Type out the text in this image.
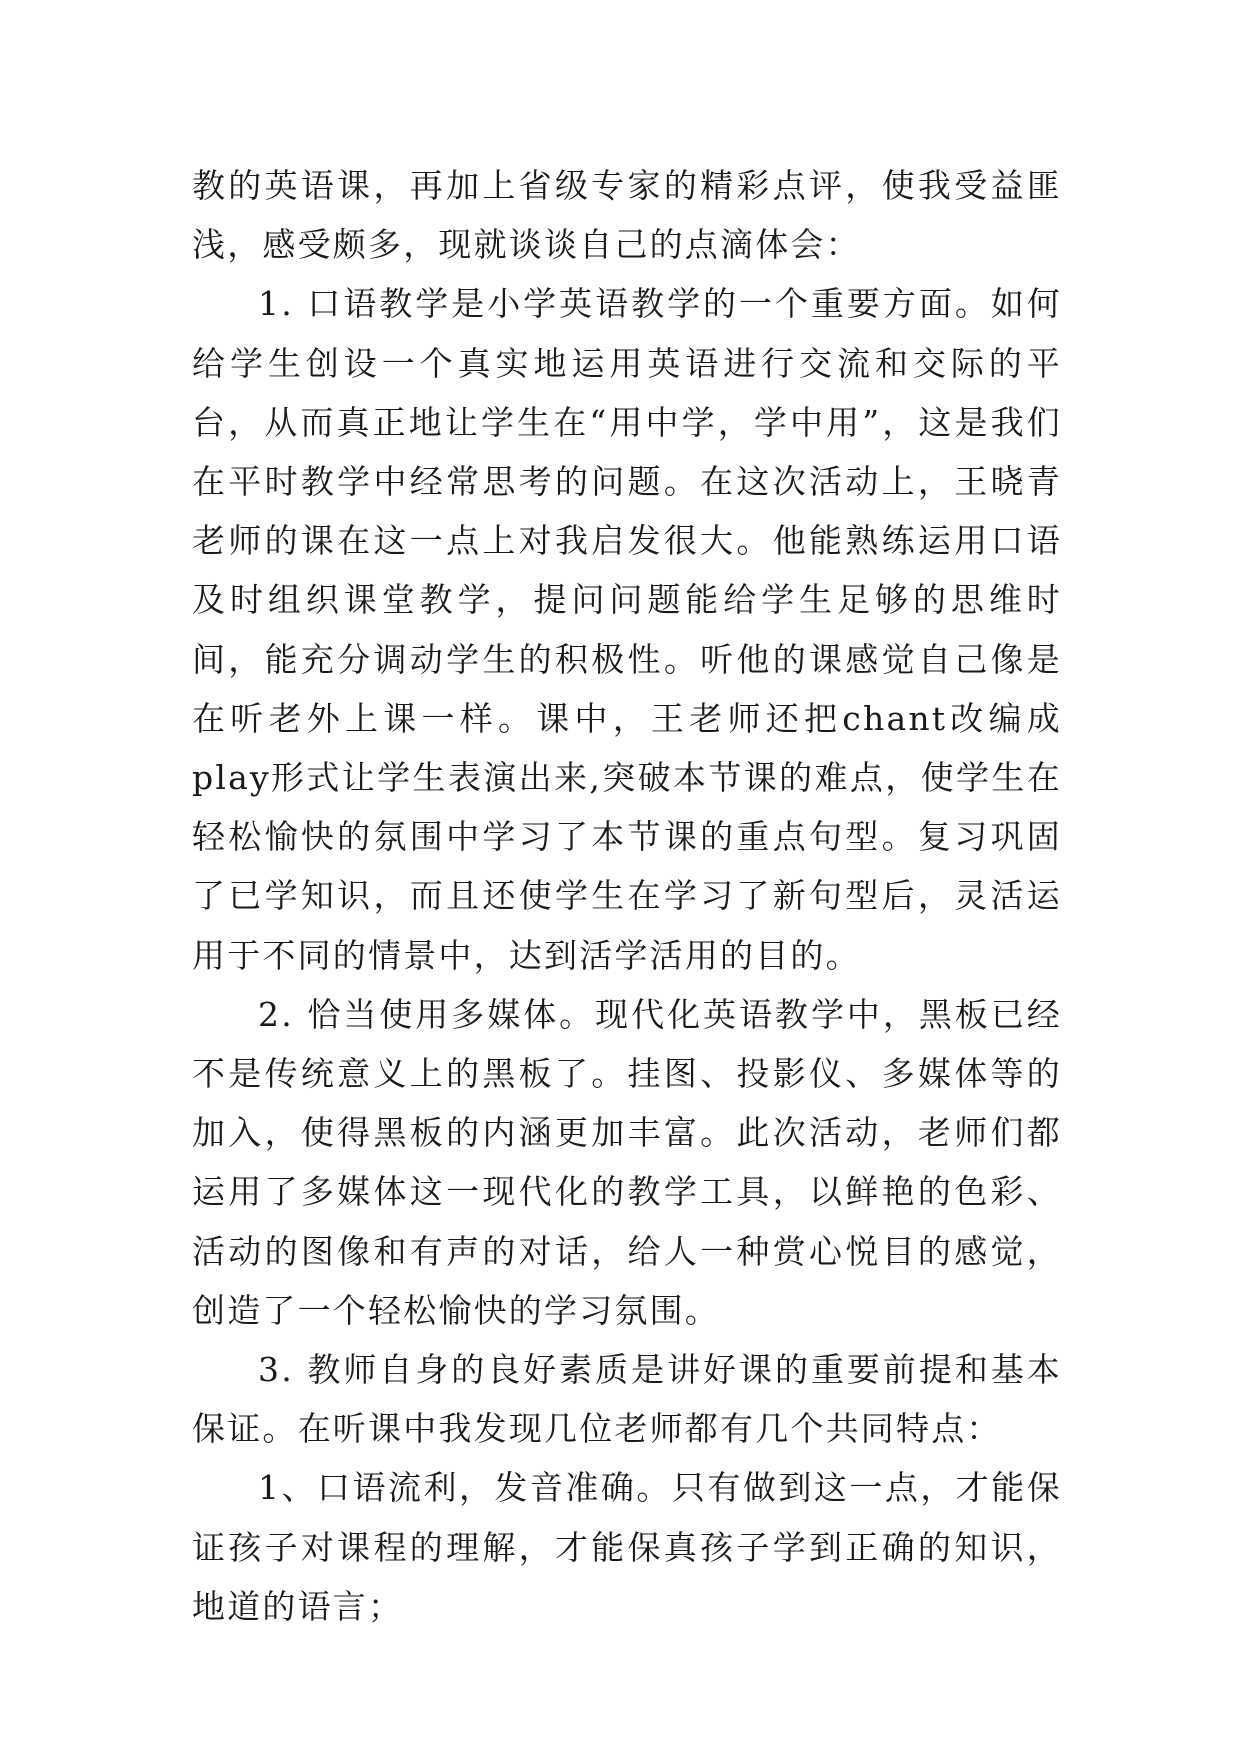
教的英语课，再加上省级专家的精彩点评，使我受益匪浅，感受颇多，现就谈谈自己的点滴体会：

1. 口语教学是小学英语教学的一个重要方面。如何给学生创设一个真实地运用英语进行交流和交际的平台，从而真正地让学生在“用中学，学中用”，这是我们在平时教学中经常思考的问题。在这次活动上，王晓青老师的课在这一点上对我启发很大。他能熟练运用口语及时组织课堂教学，提问问题能给学生足够的思维时间，能充分调动学生的积极性。听他的课感觉自己像是在听老外上课一样。课中，王老师还把chant改编成play形式让学生表演出来,突破本节课的难点，使学生在轻松愉快的氛围中学习了本节课的重点句型。复习巩固了已学知识，而且还使学生在学习了新句型后，灵活运用于不同的情景中，达到活学活用的目的。

2. 恰当使用多媒体。现代化英语教学中，黑板已经不是传统意义上的黑板了。挂图、投影仪、多媒体等的加入，使得黑板的内涵更加丰富。此次活动，老师们都运用了多媒体这一现代化的教学工具，以鲜艳的色彩、活动的图像和有声的对话，给人一种赏心悦目的感觉，创造了一个轻松愉快的学习氛围。

3. 教师自身的良好素质是讲好课的重要前提和基本保证。在听课中我发现几位老师都有几个共同特点：

1、口语流利，发音准确。只有做到这一点，才能保证孩子对课程的理解，才能保真孩子学到正确的知识，地道的语言；
